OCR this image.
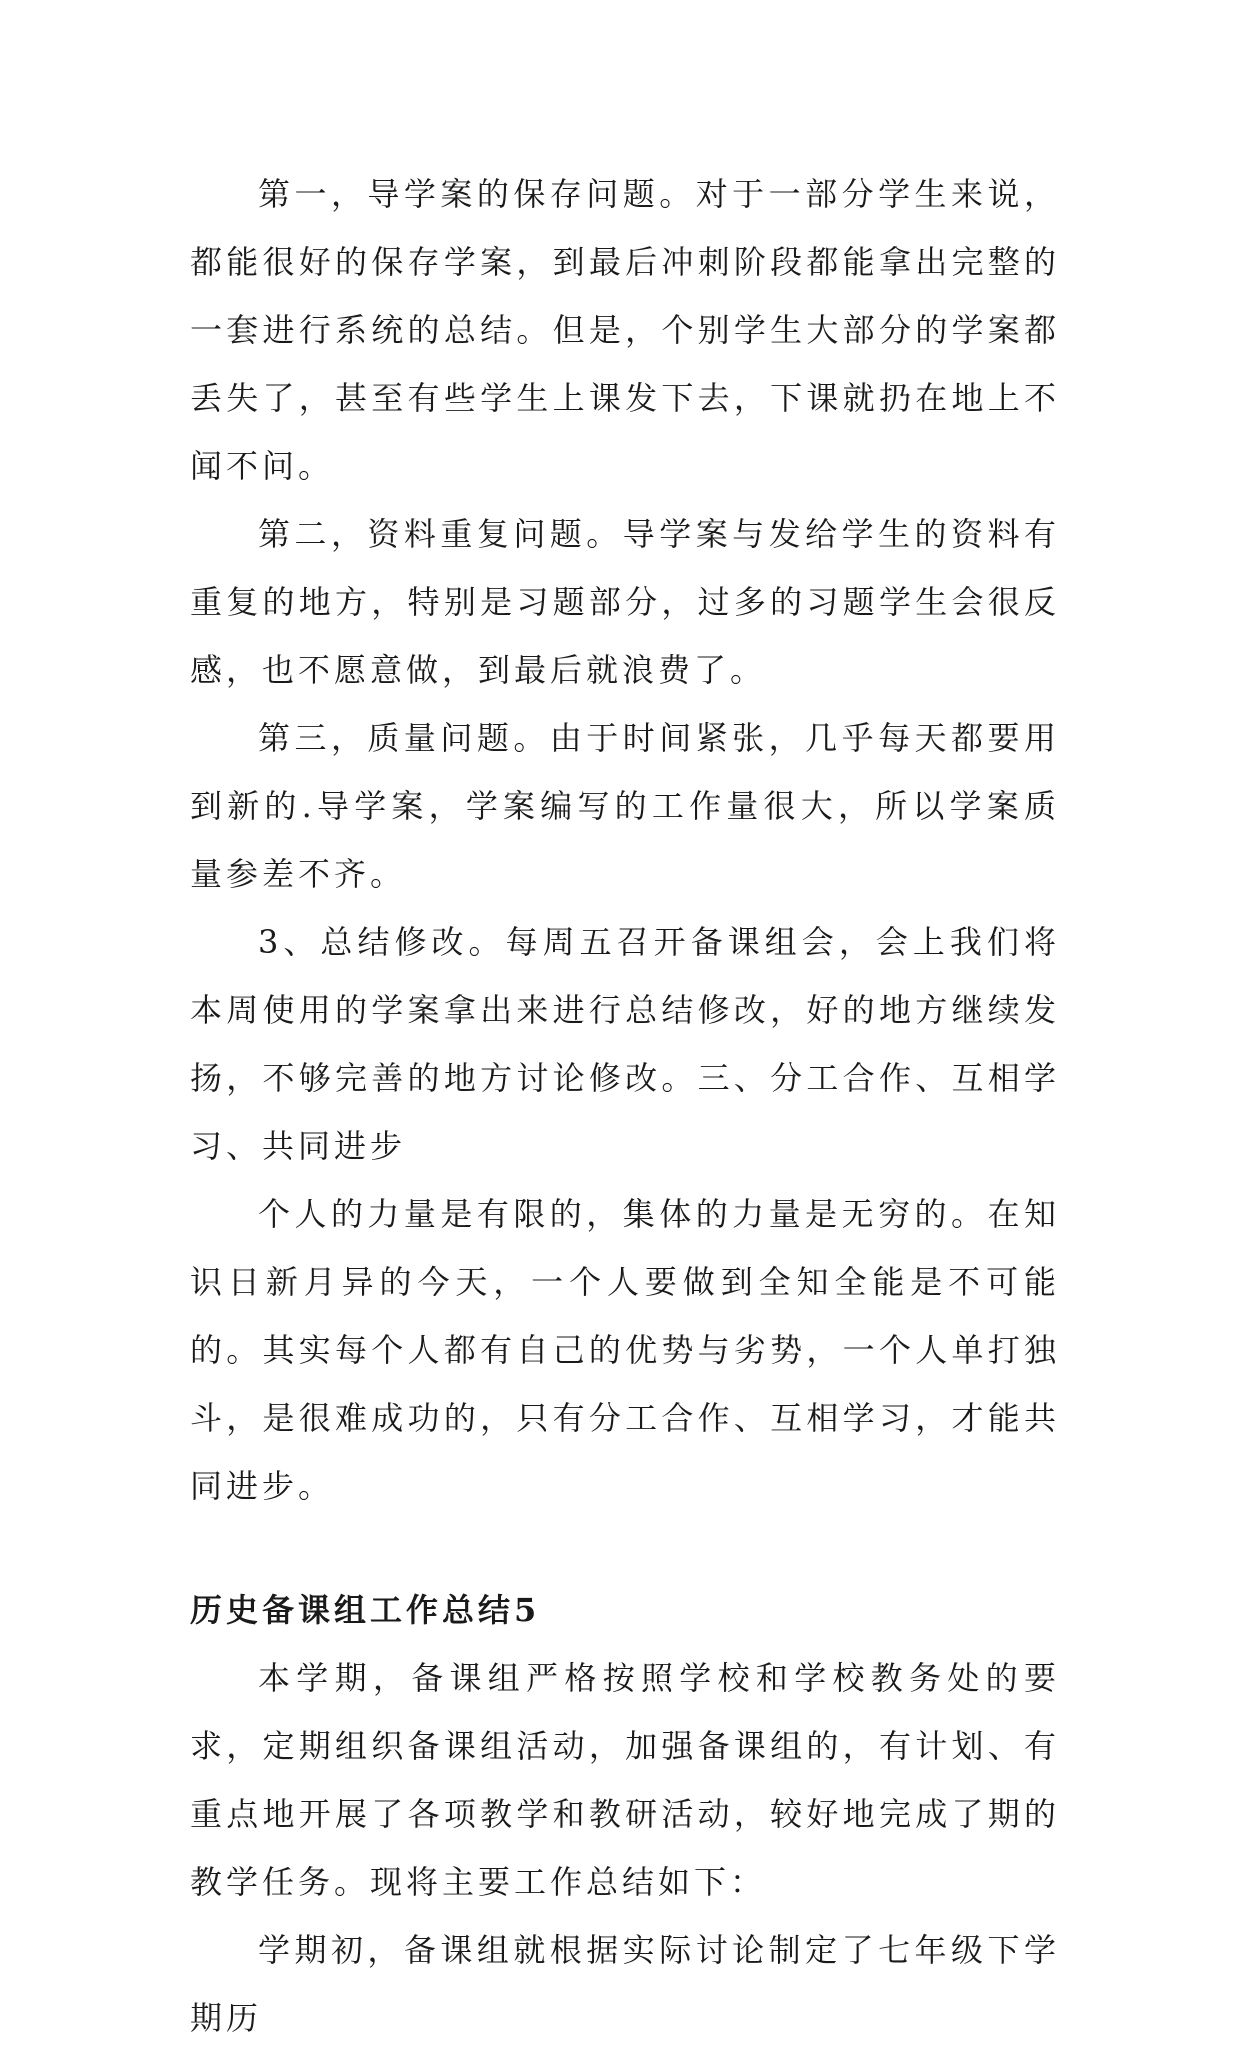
第一，导学案的保存问题。对于一部分学生来说，都能很好的保存学案，到最后冲刺阶段都能拿出完整的一套进行系统的总结。但是，个别学生大部分的学案都丢失了，甚至有些学生上课发下去，下课就扔在地上不闻不问。

第二，资料重复问题。导学案与发给学生的资料有重复的地方，特别是习题部分，过多的习题学生会很反感，也不愿意做，到最后就浪费了。

第三，质量问题。由于时间紧张，几乎每天都要用到新的.导学案，学案编写的工作量很大，所以学案质量参差不齐。

3、总结修改。每周五召开备课组会，会上我们将本周使用的学案拿出来进行总结修改，好的地方继续发扬，不够完善的地方讨论修改。三、分工合作、互相学习、共同进步

个人的力量是有限的，集体的力量是无穷的。在知识日新月异的今天，一个人要做到全知全能是不可能的。其实每个人都有自己的优势与劣势，一个人单打独斗，是很难成功的，只有分工合作、互相学习，才能共同进步。

历史备课组工作总结5

本学期，备课组严格按照学校和学校教务处的要求，定期组织备课组活动，加强备课组的，有计划、有重点地开展了各项教学和教研活动，较好地完成了期的教学任务。现将主要工作总结如下：

学期初，备课组就根据实际讨论制定了七年级下学期历
